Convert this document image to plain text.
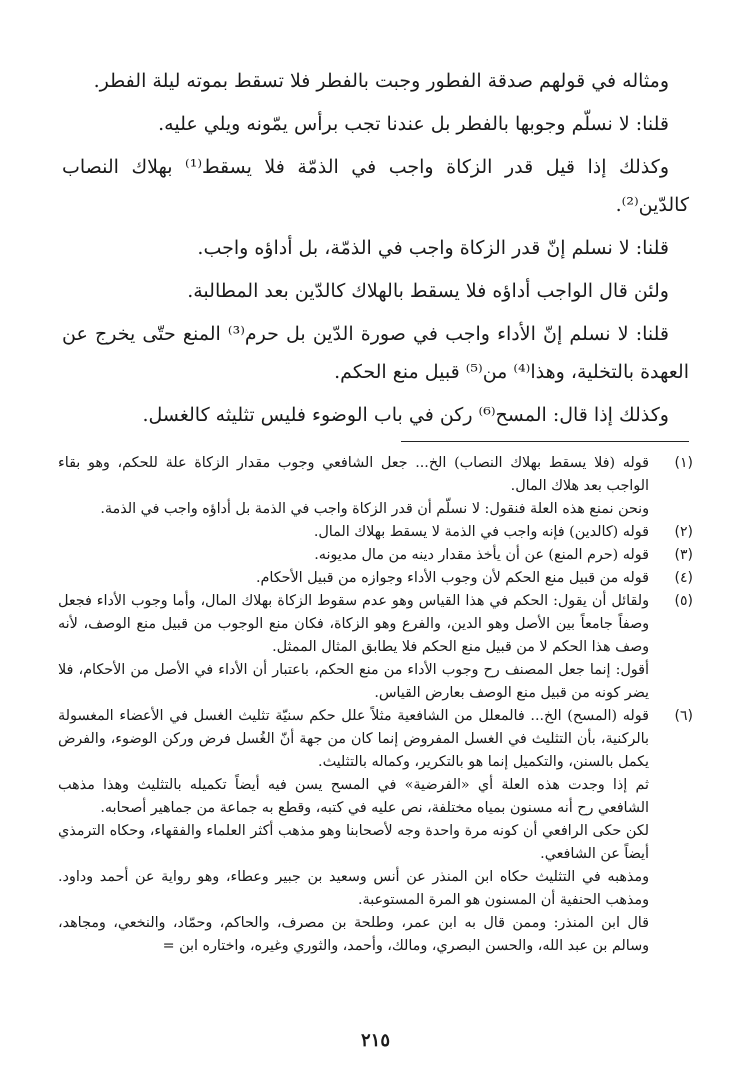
ومثاله في قولهم صدقة الفطور وجبت بالفطر فلا تسقط بموته ليلة الفطر.

قلنا: لا نسلّم وجوبها بالفطر بل عندنا تجب برأس يمّونه ويلي عليه.

وكذلك إذا قيل قدر الزكاة واجب في الذمّة فلا يسقط⁽¹⁾ بهلاك النصاب كالدّين⁽²⁾.

قلنا: لا نسلم إنّ قدر الزكاة واجب في الذمّة، بل أداؤه واجب.

ولئن قال الواجب أداؤه فلا يسقط بالهلاك كالدّين بعد المطالبة.

قلنا: لا نسلم إنّ الأداء واجب في صورة الدّين بل حرم⁽³⁾ المنع حتّى يخرج عن العهدة بالتخلية، وهذا⁽⁴⁾ من⁽⁵⁾ قبيل منع الحكم.

وكذلك إذا قال: المسح⁽⁶⁾ ركن في باب الوضوء فليس تثليثه كالغسل.

(١)
قوله (فلا يسقط بهلاك النصاب) الخ... جعل الشافعي وجوب مقدار الزكاة علة للحكم، وهو بقاء الواجب بعد هلاك المال.
ونحن نمنع هذه العلة فنقول: لا نسلّم أن قدر الزكاة واجب في الذمة بل أداؤه واجب في الذمة.
(٢)
قوله (كالدين) فإنه واجب في الذمة لا يسقط بهلاك المال.
(٣)
قوله (حرم المنع) عن أن يأخذ مقدار دينه من مال مديونه.
(٤)
قوله من قبيل منع الحكم لأن وجوب الأداء وجوازه من قبيل الأحكام.
(٥)
ولقائل أن يقول: الحكم في هذا القياس وهو عدم سقوط الزكاة بهلاك المال، وأما وجوب الأداء فجعل وصفاً جامعاً بين الأصل وهو الدين، والفرع وهو الزكاة، فكان منع الوجوب من قبيل منع الوصف، لأنه وصف هذا الحكم لا من قبيل منع الحكم فلا يطابق المثال الممثل.
أقول: إنما جعل المصنف رح وجوب الأداء من منع الحكم، باعتبار أن الأداء في الأصل من الأحكام، فلا يضر كونه من قبيل منع الوصف بعارض القياس.
(٦)
قوله (المسح) الخ... فالمعلل من الشافعية مثلاً علل حكم سنيّة تثليث الغسل في الأعضاء المغسولة بالركنية، بأن التثليث في الغسل المفروض إنما كان من جهة أنّ الغُسل فرض وركن الوضوء، والفرض يكمل بالسنن، والتكميل إنما هو بالتكرير، وكماله بالتثليث.
ثم إذا وجدت هذه العلة أي «الفرضية» في المسح يسن فيه أيضاً تكميله بالتثليث وهذا مذهب الشافعي رح أنه مسنون بمياه مختلفة، نص عليه في كتبه، وقطع به جماعة من جماهير أصحابه.
لكن حكى الرافعي أن كونه مرة واحدة وجه لأصحابنا وهو مذهب أكثر العلماء والفقهاء، وحكاه الترمذي أيضاً عن الشافعي.
ومذهبه في التثليث حكاه ابن المنذر عن أنس وسعيد بن جبير وعطاء، وهو رواية عن أحمد وداود. ومذهب الحنفية أن المسنون هو المرة المستوعبة.
قال ابن المنذر: وممن قال به ابن عمر، وطلحة بن مصرف، والحاكم، وحمّاد، والنخعي، ومجاهد، وسالم بن عبد الله، والحسن البصري، ومالك، وأحمد، والثوري وغيره، واختاره ابن =
٢١٥
